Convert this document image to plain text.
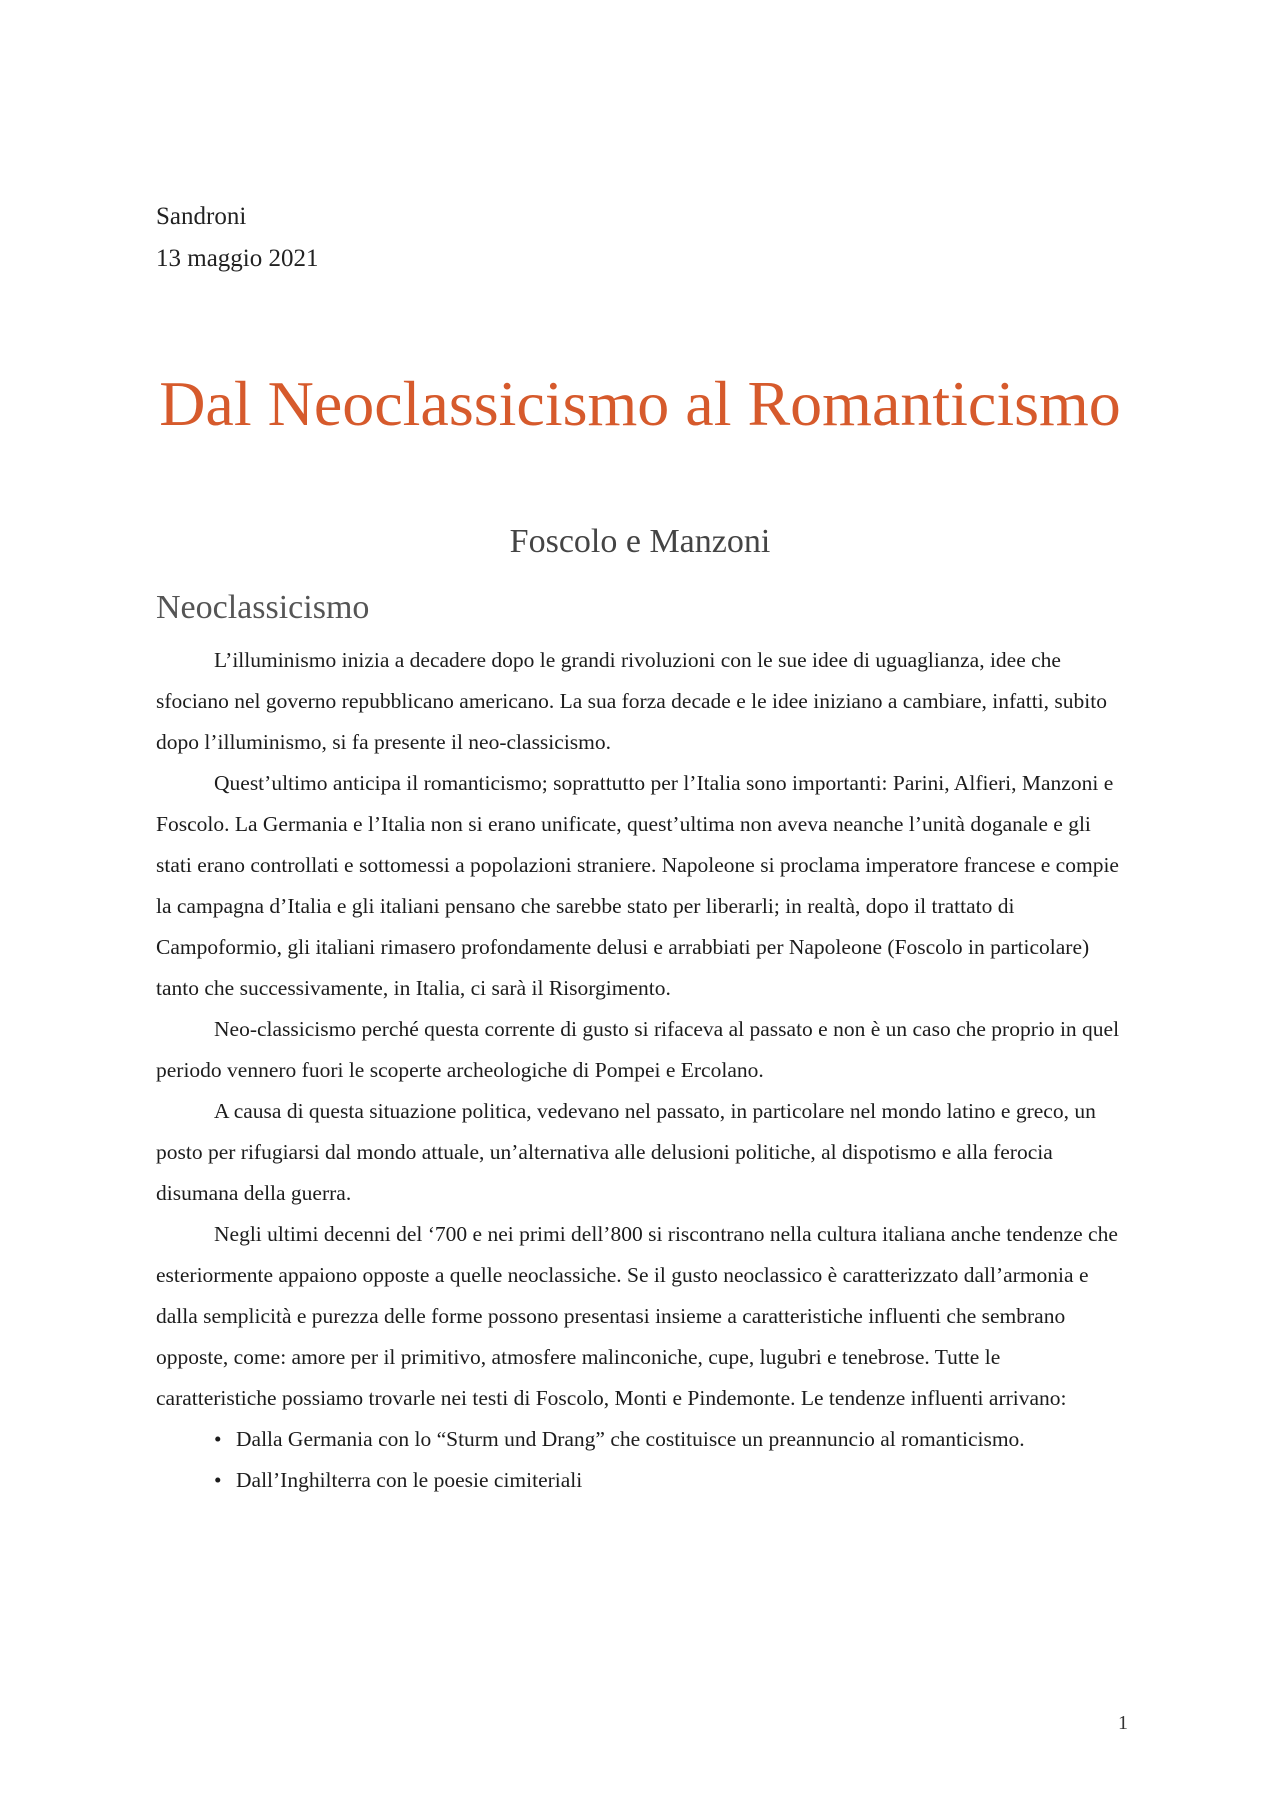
Sandroni
13 maggio 2021
Dal Neoclassicismo al Romanticismo
Foscolo e Manzoni
Neoclassicismo

L’illuminismo inizia a decadere dopo le grandi rivoluzioni con le sue idee di uguaglianza, idee che sfociano nel governo repubblicano americano. La sua forza decade e le idee iniziano a cambiare, infatti, subito dopo l’illuminismo, si fa presente il neo-classicismo.

Quest’ultimo anticipa il romanticismo; soprattutto per l’Italia sono importanti: Parini, Alfieri, Manzoni e Foscolo. La Germania e l’Italia non si erano unificate, quest’ultima non aveva neanche l’unità doganale e gli stati erano controllati e sottomessi a popolazioni straniere. Napoleone si proclama imperatore francese e compie la campagna d’Italia e gli italiani pensano che sarebbe stato per liberarli; in realtà, dopo il trattato di Campoformio, gli italiani rimasero profondamente delusi e arrabbiati per Napoleone (Foscolo in particolare) tanto che successivamente, in Italia, ci sarà il Risorgimento.

Neo-classicismo perché questa corrente di gusto si rifaceva al passato e non è un caso che proprio in quel periodo vennero fuori le scoperte archeologiche di Pompei e Ercolano.

A causa di questa situazione politica, vedevano nel passato, in particolare nel mondo latino e greco, un posto per rifugiarsi dal mondo attuale, un’alternativa alle delusioni politiche, al dispotismo e alla ferocia disumana della guerra.

Negli ultimi decenni del ‘700 e nei primi dell’800 si riscontrano nella cultura italiana anche tendenze che esteriormente appaiono opposte a quelle neoclassiche. Se il gusto neoclassico è caratterizzato dall’armonia e dalla semplicità e purezza delle forme possono presentasi insieme a caratteristiche influenti che sembrano opposte, come: amore per il primitivo, atmosfere malinconiche, cupe, lugubri e tenebrose. Tutte le caratteristiche possiamo trovarle nei testi di Foscolo, Monti e Pindemonte. Le tendenze influenti arrivano:

• Dalla Germania con lo “Sturm und Drang” che costituisce un preannuncio al romanticismo.
• Dall’Inghilterra con le poesie cimiteriali
1
